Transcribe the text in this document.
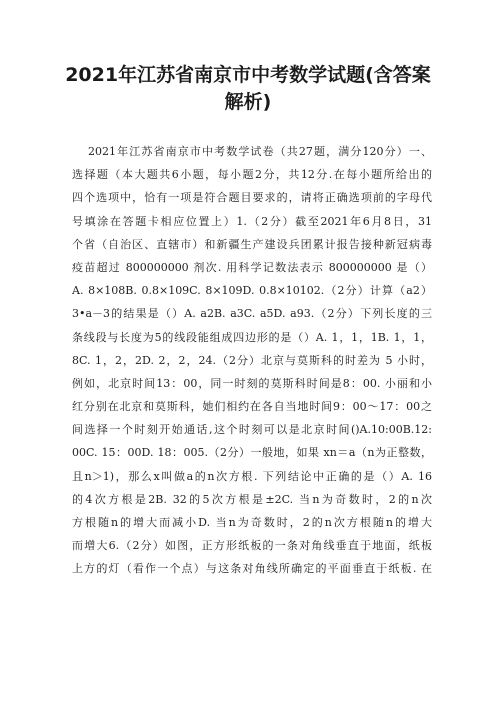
2021年江苏省南京市中考数学试题(含答案
解析)
2021年江苏省南京市中考数学试卷（共27题，满分120分）一、
选择题（本大题共6小题，每小题2分，共12分.在每小题所给出的
四个选项中，恰有一项是符合题目要求的，请将正确选项前的字母代
号填涂在答题卡相应位置上）1.（2分）截至2021年6月8日，31
个省（自治区、直辖市）和新疆生产建设兵团累计报告接种新冠病毒
疫苗超过 800000000 剂次. 用科学记数法表示 800000000 是（）
A. 8×108B. 0.8×109C. 8×109D. 0.8×10102.（2分）计算（a2）
3•a－3的结果是（）A. a2B. a3C. a5D. a93.（2分）下列长度的三
条线段与长度为5的线段能组成四边形的是（）A. 1，1，1B. 1，1，
8C. 1，2，2D. 2，2，24.（2分）北京与莫斯科的时差为 5 小时，
例如，北京时间13：00，同一时刻的莫斯科时间是8：00. 小丽和小
红分别在北京和莫斯科，她们相约在各自当地时间9：00～17：00之
间选择一个时刻开始通话,这个时刻可以是北京时间()A.10:00B.12:
00C. 15：00D. 18：005.（2分）一般地，如果 xn＝a（n为正整数，
且n＞1)，那么x叫做a的n次方根. 下列结论中正确的是（）A. 16
的4次方根是2B. 32的5次方根是±2C. 当n为奇数时，2的n次
方根随n的增大而减小D. 当n为奇数时，2的n次方根随n的增大
而增大6.（2分）如图，正方形纸板的一条对角线垂直于地面，纸板
上方的灯（看作一个点）与这条对角线所确定的平面垂直于纸板. 在
